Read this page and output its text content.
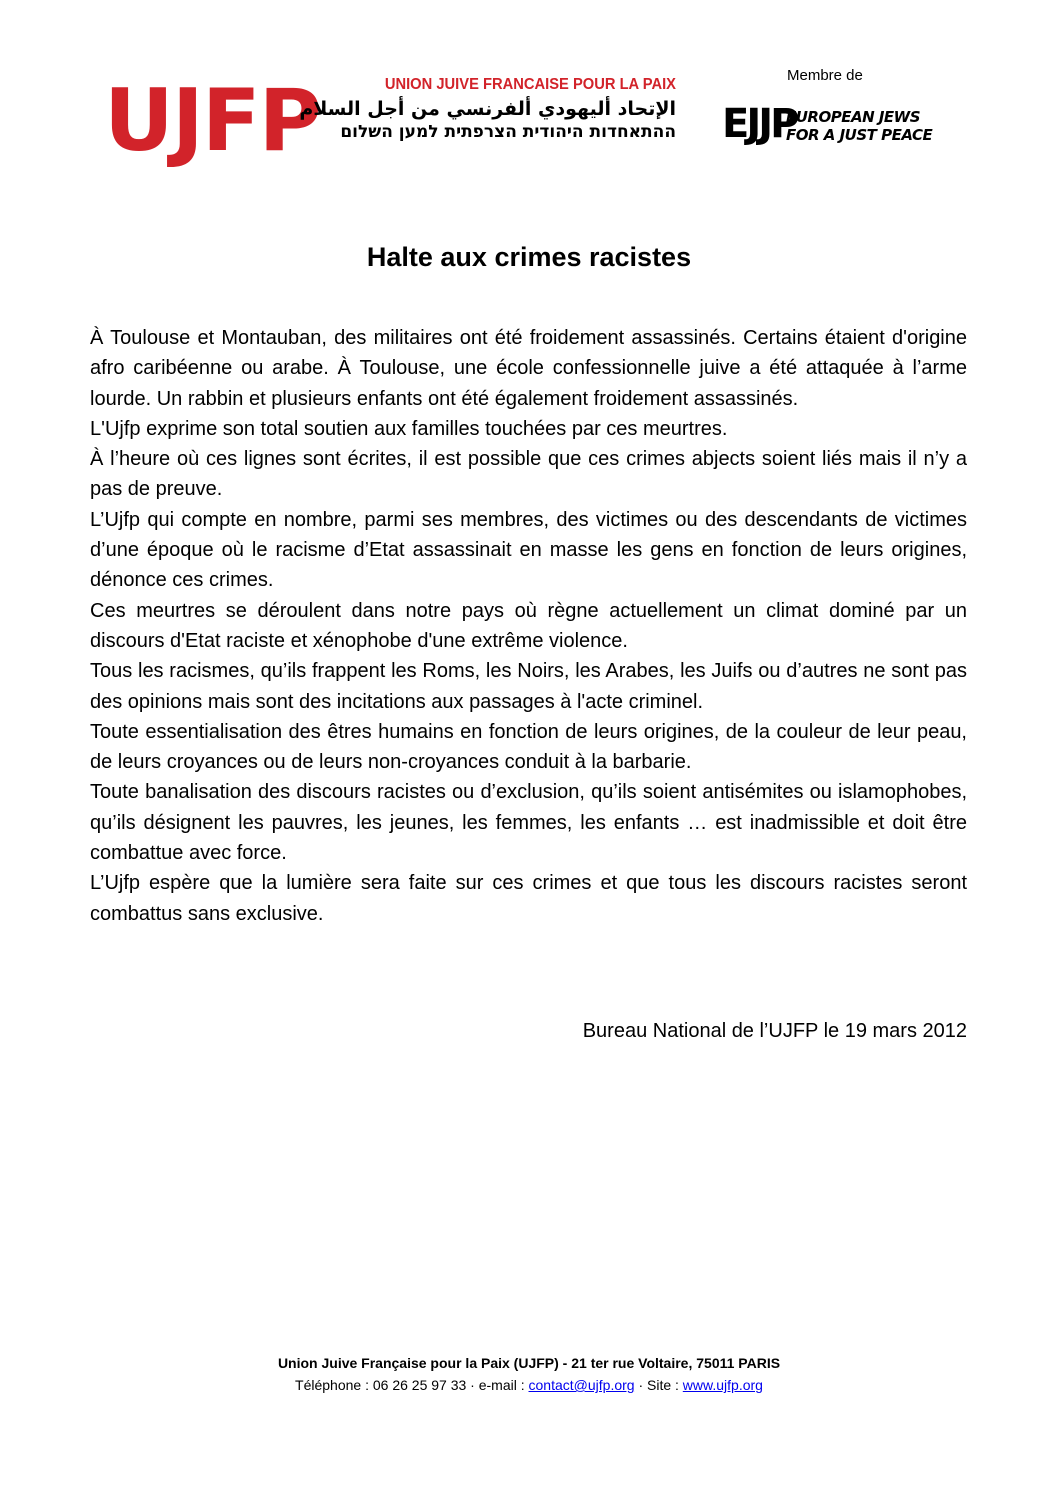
UJFP	UNION JUIVE FRANCAISE POUR LA PAIX
الإتحاد أليهودي ألفرنسي من أجل السلام
ההתאחדות היהודית הצרפתית למען השלום
Membre de
EJJP
EUROPEAN JEWS
FOR A JUST PEACE
Halte aux crimes racistes

À Toulouse et Montauban, des militaires ont été froidement assassinés. Certains étaient d'origine afro caribéenne ou arabe. À Toulouse, une école confessionnelle juive a été attaquée à l’arme lourde. Un rabbin et plusieurs enfants ont été également froidement assassinés.

L'Ujfp exprime son total soutien aux familles touchées par ces meurtres.

À l’heure où ces lignes sont écrites, il est possible que ces crimes abjects soient liés mais il n’y a pas de preuve.

L’Ujfp qui compte en nombre, parmi ses membres, des victimes ou des descendants de victimes d’une époque où le racisme d’Etat assassinait en masse les gens en fonction de leurs origines, dénonce ces crimes.

Ces meurtres se déroulent dans notre pays où règne actuellement un climat dominé par un discours d'Etat raciste et xénophobe d'une extrême violence.

Tous les racismes, qu’ils frappent les Roms, les Noirs, les Arabes, les Juifs ou d’autres ne sont pas des opinions mais sont des incitations aux passages à l'acte criminel.

Toute essentialisation des êtres humains en fonction de leurs origines, de la couleur de leur peau, de leurs croyances ou de leurs non-croyances conduit à la barbarie.

Toute banalisation des discours racistes ou d’exclusion, qu’ils soient antisémites ou islamophobes, qu’ils désignent les pauvres, les jeunes, les femmes, les enfants … est inadmissible et doit être combattue avec force.

L’Ujfp espère que la lumière sera faite sur ces crimes et que tous les discours racistes seront combattus sans exclusive.

Bureau National de l’UJFP le 19 mars 2012
Union Juive Française pour la Paix (UJFP) - 21 ter rue Voltaire, 75011 PARIS
Téléphone : 06 26 25 97 33 · e-mail : contact@ujfp.org · Site : www.ujfp.org
